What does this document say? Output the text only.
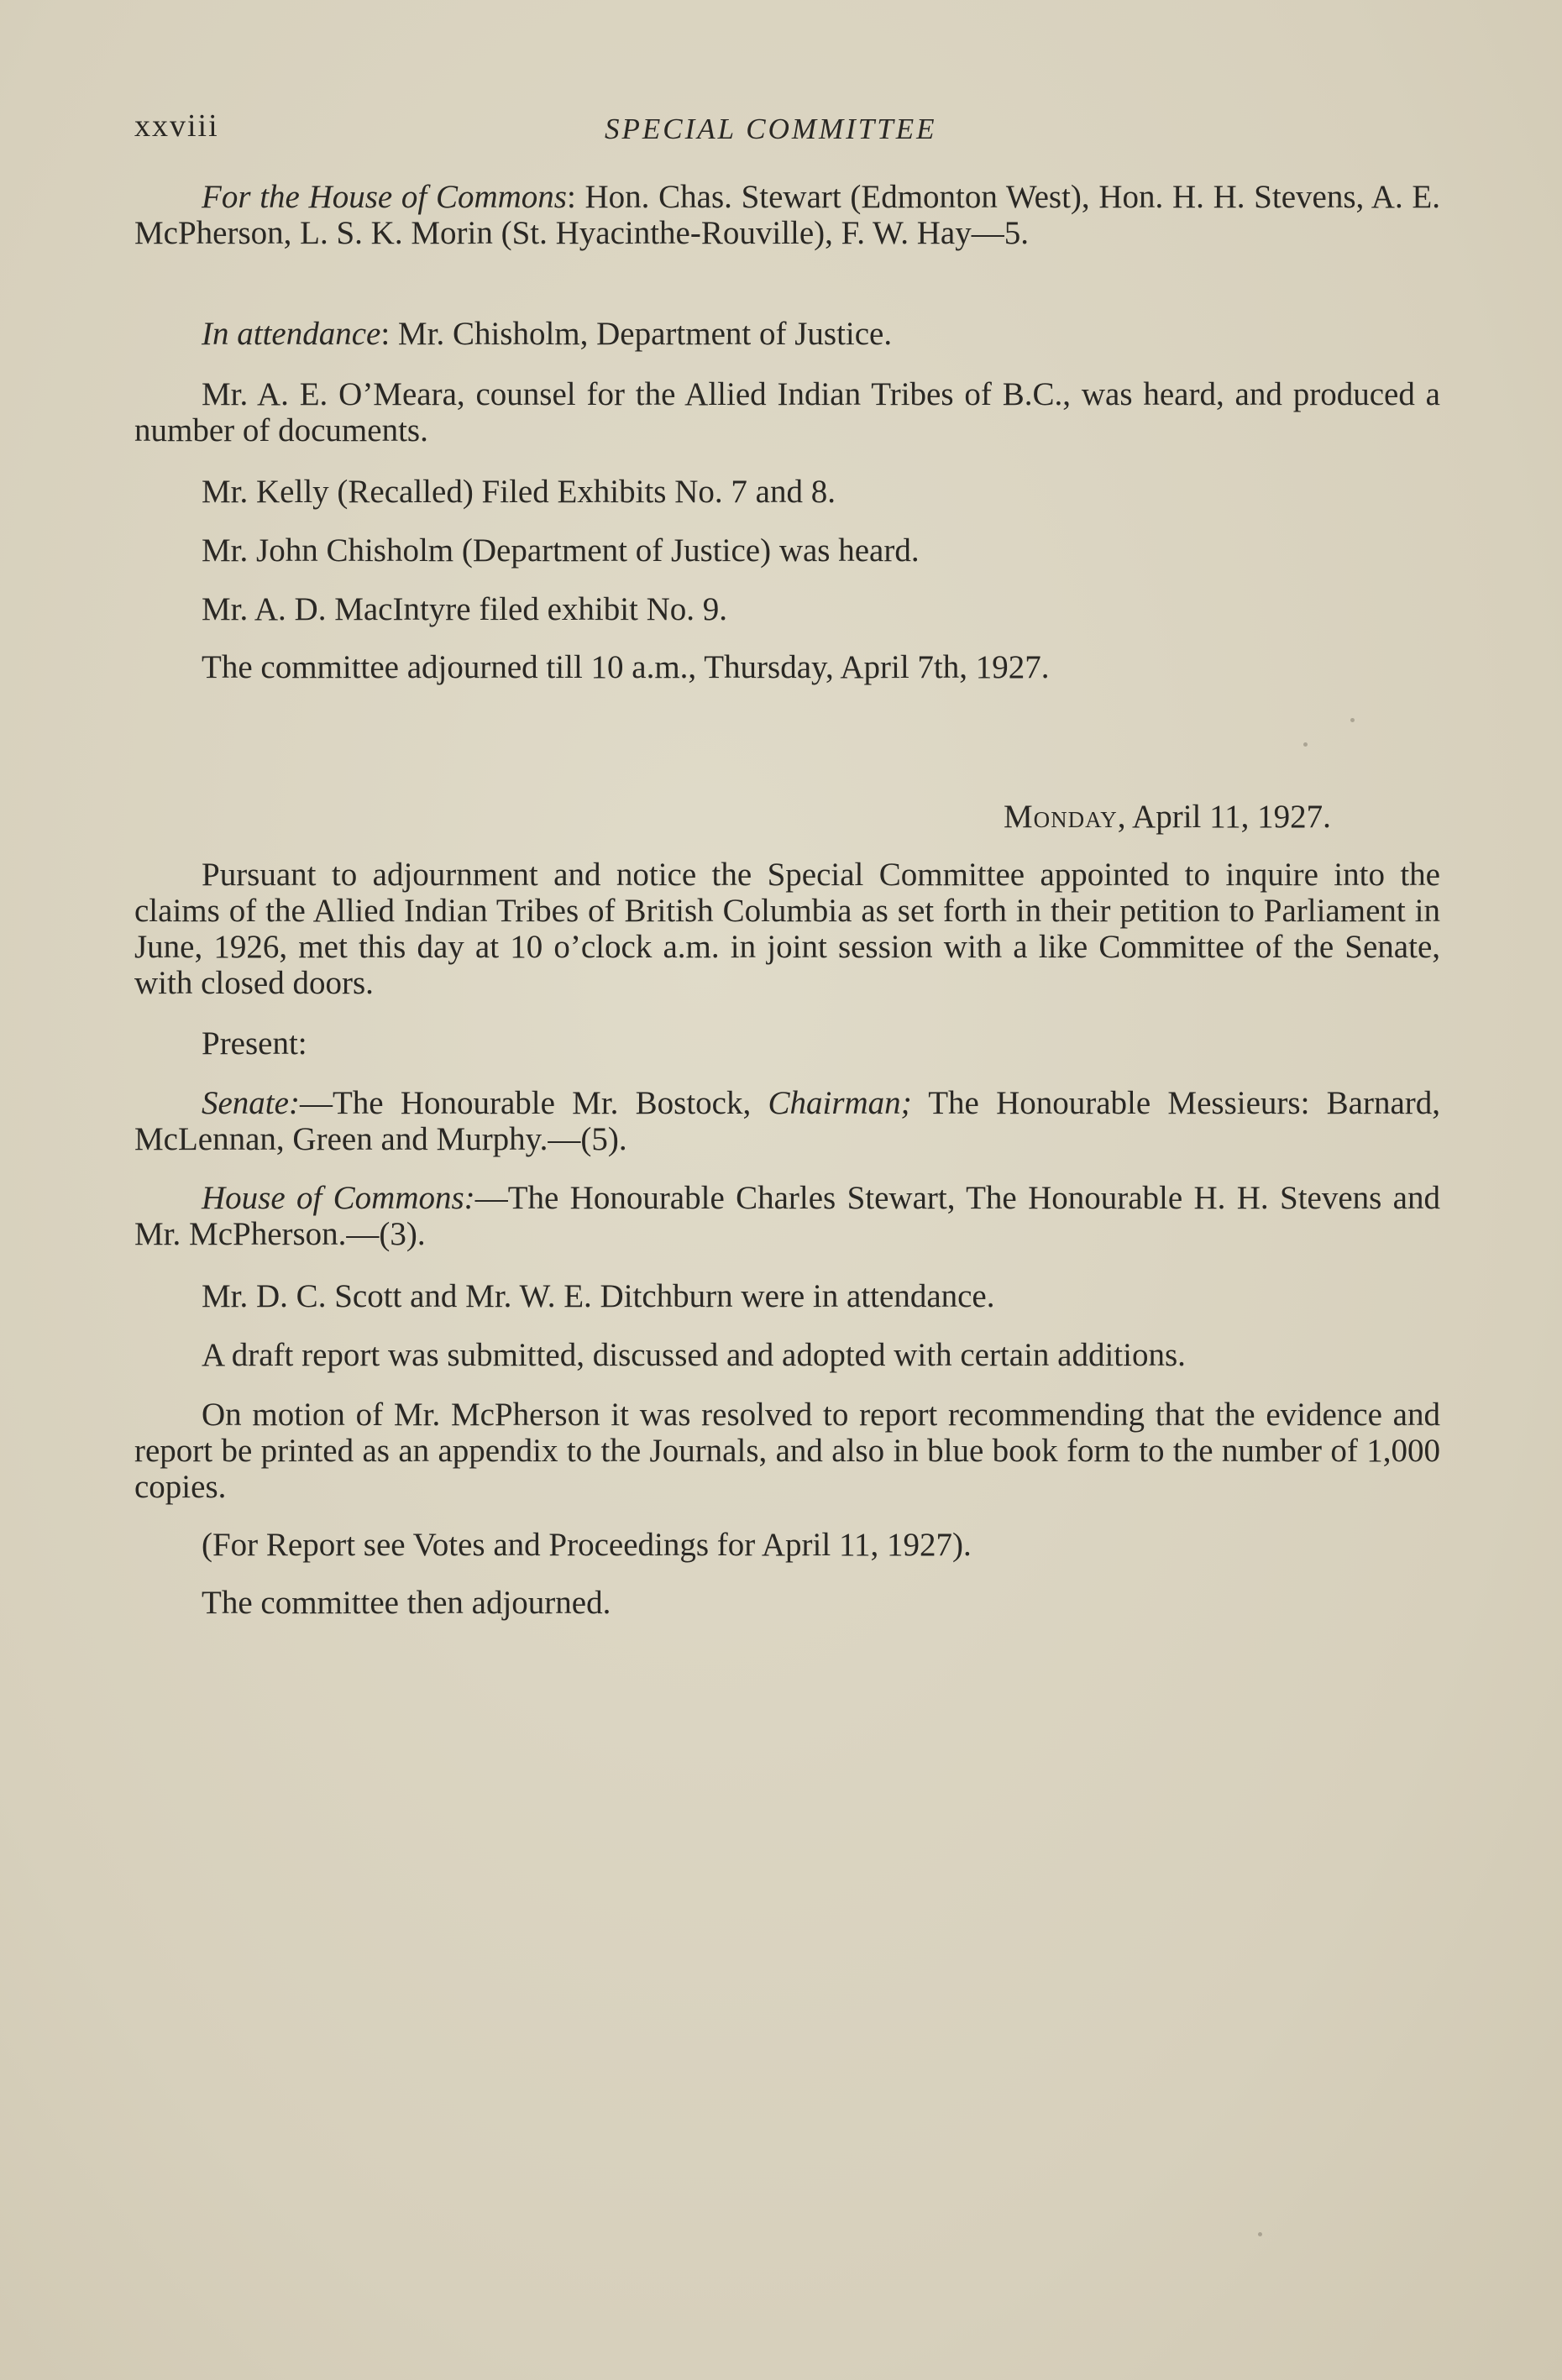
xxviii	SPECIAL COMMITTEE

For the House of Commons: Hon. Chas. Stewart (Edmonton West), Hon. H. H. Stevens, A. E. McPherson, L. S. K. Morin (St. Hyacinthe-Rouville), F. W. Hay—5.

In attendance: Mr. Chisholm, Department of Justice.

Mr. A. E. O’Meara, counsel for the Allied Indian Tribes of B.C., was heard, and produced a number of documents.

Mr. Kelly (Recalled) Filed Exhibits No. 7 and 8.

Mr. John Chisholm (Department of Justice) was heard.

Mr. A. D. MacIntyre filed exhibit No. 9.

The committee adjourned till 10 a.m., Thursday, April 7th, 1927.

Monday, April 11, 1927.

Pursuant to adjournment and notice the Special Committee appointed to inquire into the claims of the Allied Indian Tribes of British Columbia as set forth in their petition to Parliament in June, 1926, met this day at 10 o’clock a.m. in joint session with a like Committee of the Senate, with closed doors.

Present:

Senate:—The Honourable Mr. Bostock, Chairman; The Honourable Messieurs: Barnard, McLennan, Green and Murphy.—(5).

House of Commons:—The Honourable Charles Stewart, The Honourable H. H. Stevens and Mr. McPherson.—(3).

Mr. D. C. Scott and Mr. W. E. Ditchburn were in attendance.

A draft report was submitted, discussed and adopted with certain additions.

On motion of Mr. McPherson it was resolved to report recommending that the evidence and report be printed as an appendix to the Journals, and also in blue book form to the number of 1,000 copies.

(For Report see Votes and Proceedings for April 11, 1927).

The committee then adjourned.
